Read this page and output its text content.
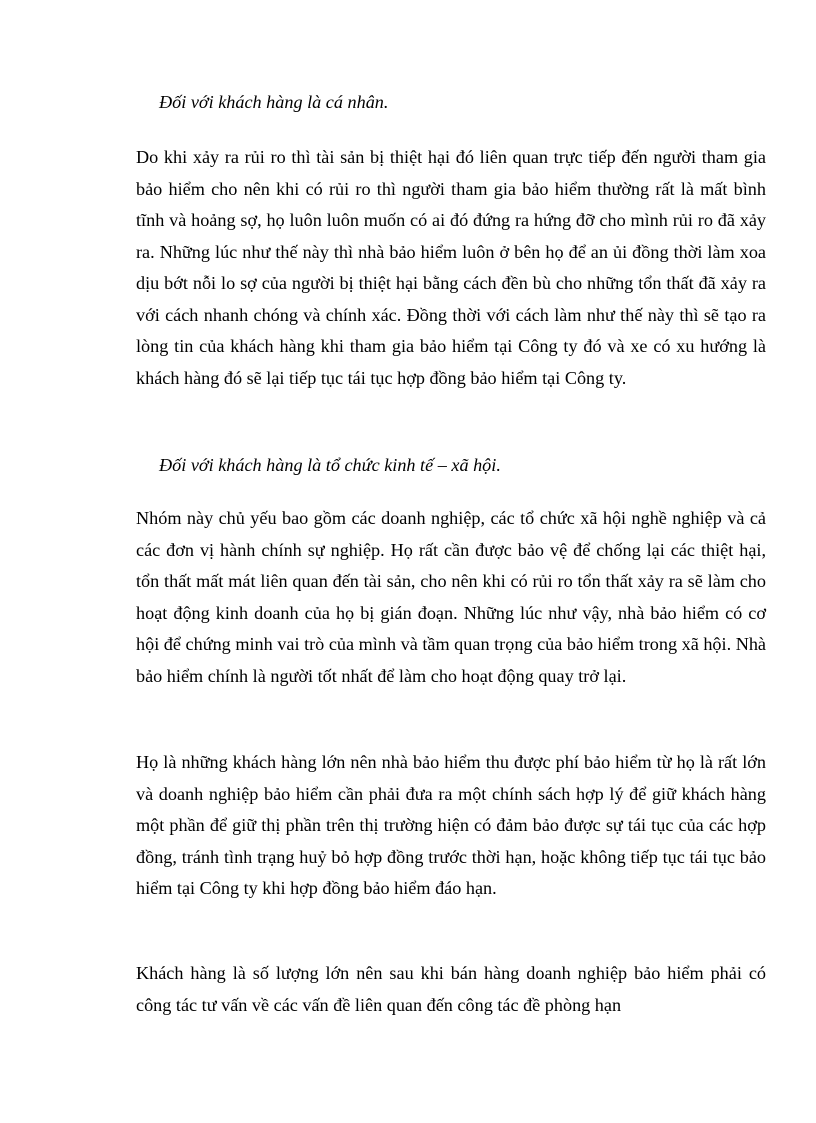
Đối với khách hàng là cá nhân.

Do khi xảy ra rủi ro thì tài sản bị thiệt hại đó liên quan trực tiếp đến người tham gia bảo hiểm cho nên khi có rủi ro thì người tham gia bảo hiểm thường rất là mất bình tĩnh và hoảng sợ, họ luôn luôn muốn có ai đó đứng ra hứng đỡ cho mình rủi ro đã xảy ra. Những lúc như thế này thì nhà bảo hiểm luôn ở bên họ để an ủi đồng thời làm xoa dịu bớt nỗi lo sợ của người bị thiệt hại bằng cách đền bù cho những tổn thất đã xảy ra với cách nhanh chóng và chính xác. Đồng thời với cách làm như thế này thì sẽ tạo ra lòng tin của khách hàng khi tham gia bảo hiểm tại Công ty đó và xe có xu hướng là khách hàng đó sẽ lại tiếp tục tái tục hợp đồng bảo hiểm tại Công ty.

Đối với khách hàng là tổ chức kinh tế – xã hội.

Nhóm này chủ yếu bao gồm các doanh nghiệp, các tổ chức xã hội nghề nghiệp và cả các đơn vị hành chính sự nghiệp. Họ rất cần được bảo vệ để chống lại các thiệt hại, tổn thất mất mát liên quan đến tài sản, cho nên khi có rủi ro tổn thất xảy ra sẽ làm cho hoạt động kinh doanh của họ bị gián đoạn. Những lúc như vậy, nhà bảo hiểm có cơ hội để chứng minh vai trò của mình và tầm quan trọng của bảo hiểm trong xã hội. Nhà bảo hiểm chính là người tốt nhất để làm cho hoạt động quay trở lại.

Họ là những khách hàng lớn nên nhà bảo hiểm thu được phí bảo hiểm từ họ là rất lớn và doanh nghiệp bảo hiểm cần phải đưa ra một chính sách hợp lý để giữ khách hàng một phần để giữ thị phần trên thị trường hiện có đảm bảo được sự tái tục của các hợp đồng, tránh tình trạng huỷ bỏ hợp đồng trước thời hạn, hoặc không tiếp tục tái tục bảo hiểm tại Công ty khi hợp đồng bảo hiểm đáo hạn.

Khách hàng là số lượng lớn nên sau khi bán hàng doanh nghiệp bảo hiểm phải có công tác tư vấn về các vấn đề liên quan đến công tác đề phòng hạn
